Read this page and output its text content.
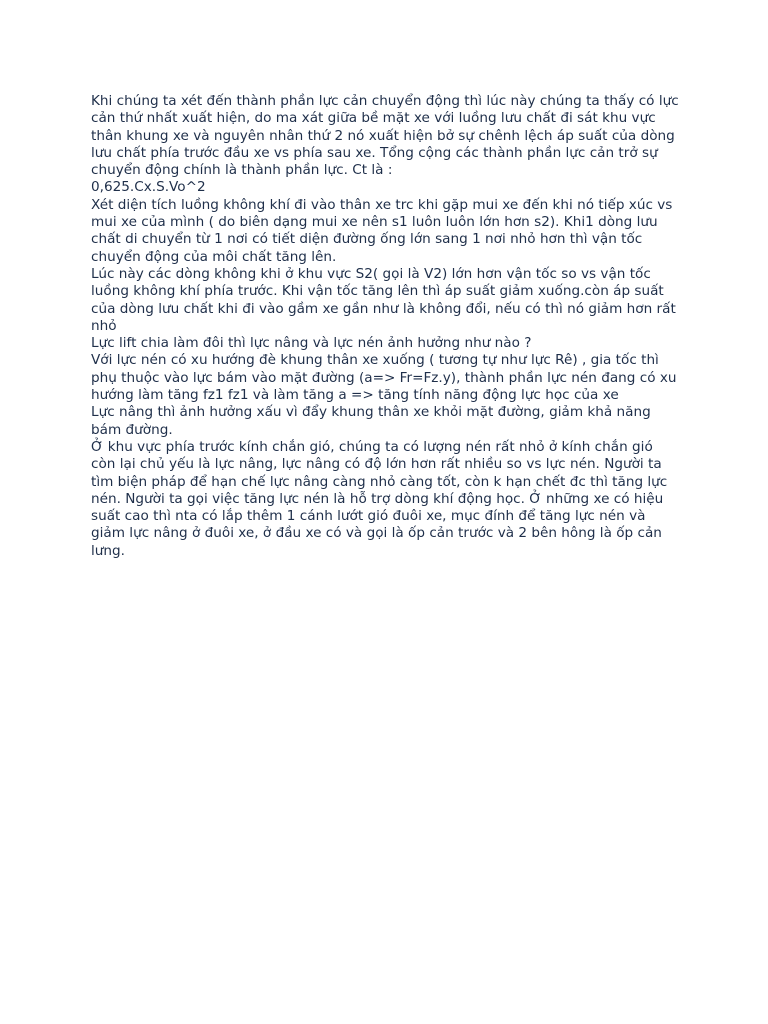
Khi chúng ta xét đến thành phần lực cản chuyển động thì lúc này chúng ta thấy có lực cản thứ nhất xuất hiện, do ma xát giữa bề mặt xe với luồng lưu chất đi sát khu vực thân khung xe và nguyên nhân thứ 2 nó xuất hiện bở sự chênh lệch áp suất của dòng lưu chất phía trước đầu xe vs phía sau xe. Tổng cộng các thành phần lực cản trở sự chuyển động chính là thành phần lực. Ct là :

0,625.Cx.S.Vo^2

Xét diện tích luồng không khí đi vào thân xe trc khi gặp mui xe đến khi nó tiếp xúc vs mui xe của mình ( do biên dạng mui xe nên s1 luôn luôn lớn hơn s2). Khi1 dòng lưu chất di chuyển từ 1 nơi có tiết diện đường ống lớn sang 1 nơi nhỏ hơn thì vận tốc chuyển động của môi chất tăng lên.

Lúc này các dòng không khi ở khu vực S2( gọi là V2) lớn hơn vận tốc so vs vận tốc luồng không khí phía trước. Khi vận tốc tăng lên thì áp suất giảm xuống.còn áp suất của dòng lưu chất khi đi vào gầm xe gần như là không đổi, nếu có thì nó giảm hơn rất nhỏ

Lực lift chia làm đôi thì lực nâng và lực nén ảnh hưởng như nào ?

Với lực nén có xu hướng đè khung thân xe xuống ( tương tự như lực Rê) , gia tốc thì phụ thuộc vào lực bám vào mặt đường (a=> Fr=Fz.y), thành phần lực nén đang có xu hướng làm tăng fz1 fz1 và làm tăng a => tăng tính năng động lực học của xe

Lực nâng thì ảnh hưởng xấu vì đẩy khung thân xe khỏi mặt đường, giảm khả năng bám đường.

Ở khu vực phía trước kính chắn gió, chúng ta có lượng nén rất nhỏ ở kính chắn gió còn lại chủ yếu là lực nâng, lực nâng có độ lớn hơn rất nhiều so vs lực nén. Người ta tìm biện pháp để hạn chế lực nâng càng nhỏ càng tốt, còn k hạn chết đc thì tăng lực nén. Người ta gọi việc tăng lực nén là hỗ trợ dòng khí động học. Ở những xe có hiệu suất cao thì nta có lắp thêm 1 cánh lướt gió đuôi xe, mục đính để tăng lực nén và giảm lực nâng ở đuôi xe, ở đầu xe có và gọi là ốp cản trước và 2 bên hông là ốp cản lưng.
